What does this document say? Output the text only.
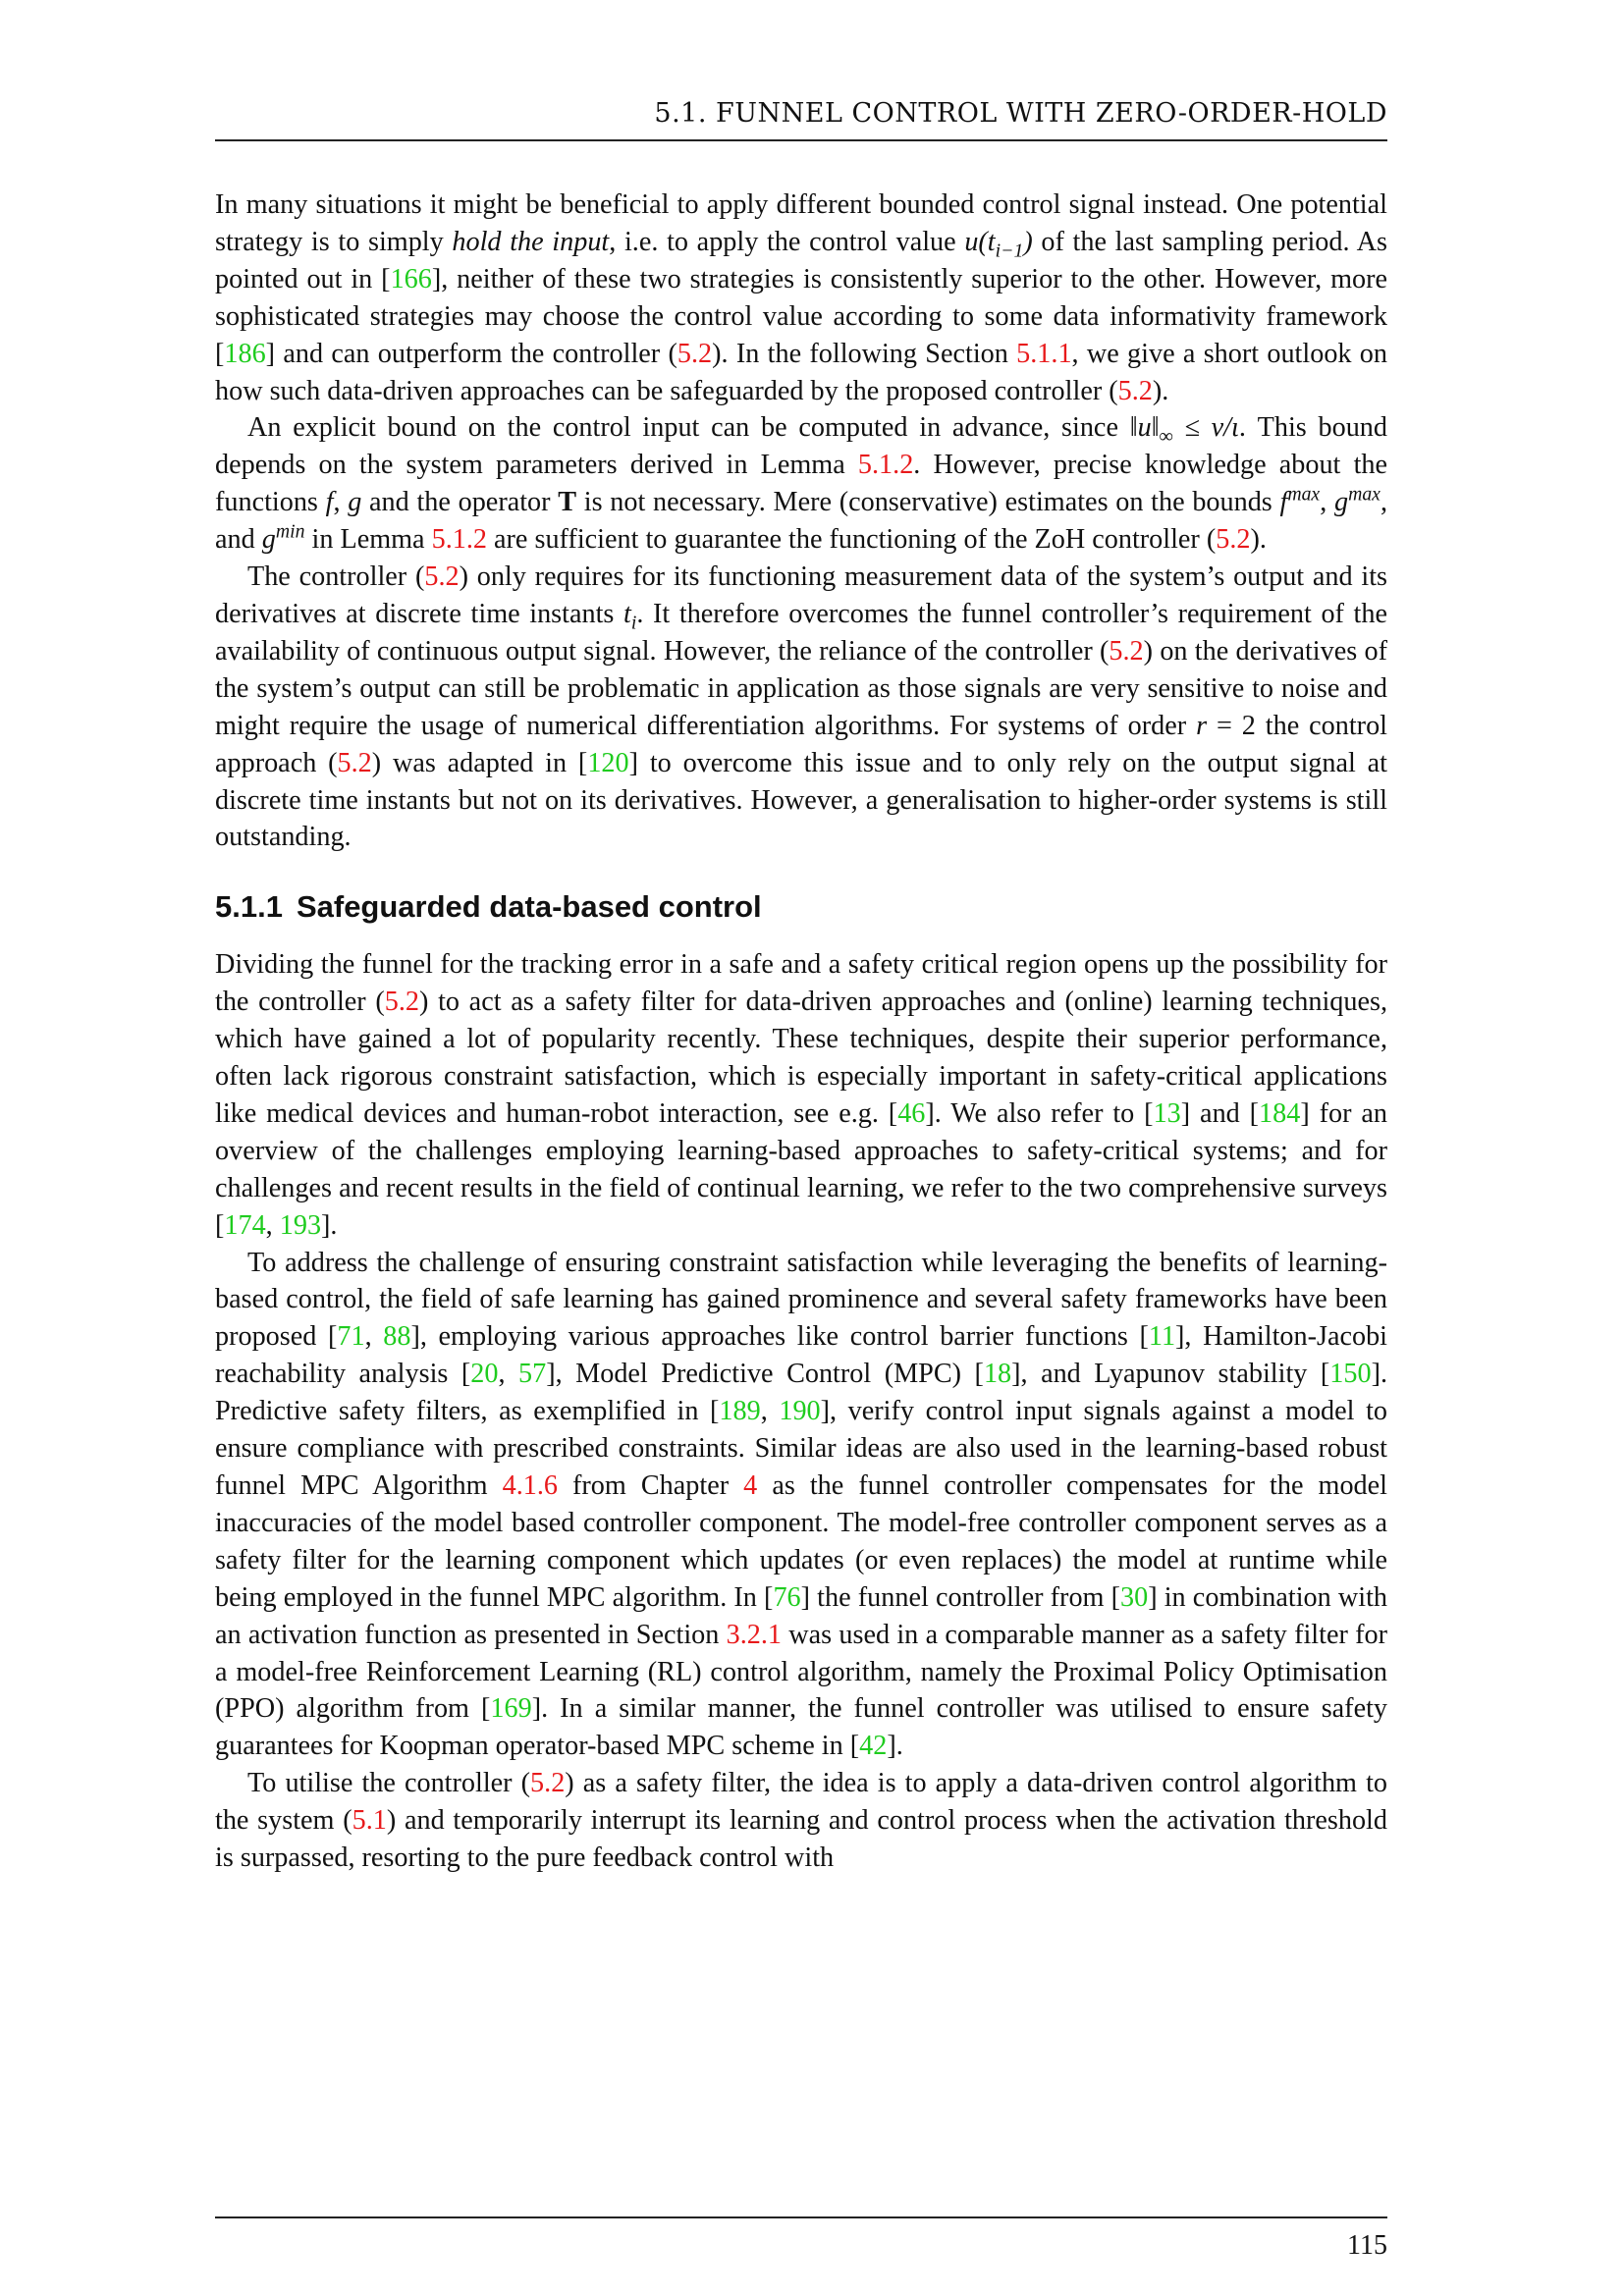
5.1. FUNNEL CONTROL WITH ZERO-ORDER-HOLD

In many situations it might be beneficial to apply different bounded control signal instead. One potential strategy is to simply hold the input, i.e. to apply the control value $u(t_{i-1})$ of the last sampling period. As pointed out in [166], neither of these two strategies is consistently superior to the other. However, more sophisticated strategies may choose the control value according to some data informativity framework [186] and can outperform the controller (5.2). In the following Section 5.1.1, we give a short outlook on how such data-driven approaches can be safeguarded by the proposed controller (5.2).

An explicit bound on the control input can be computed in advance, since $‖u‖_\infty \le \nu/\iota$. This bound depends on the system parameters derived in Lemma 5.1.2. However, precise knowledge about the functions f, g and the operator T is not necessary. Mere (conservative) estimates on the bounds $f^{max}$, $g^{max}$, and $g^{min}$ in Lemma 5.1.2 are sufficient to guarantee the functioning of the ZoH controller (5.2).

The controller (5.2) only requires for its functioning measurement data of the system’s output and its derivatives at discrete time instants $t_i$. It therefore overcomes the funnel controller’s requirement of the availability of continuous output signal. However, the reliance of the controller (5.2) on the derivatives of the system’s output can still be problematic in application as those signals are very sensitive to noise and might require the usage of numerical differentiation algorithms. For systems of order r = 2 the control approach (5.2) was adapted in [120] to overcome this issue and to only rely on the output signal at discrete time instants but not on its derivatives. However, a generalisation to higher-order systems is still outstanding.

5.1.1 Safeguarded data-based control

Dividing the funnel for the tracking error in a safe and a safety critical region opens up the possibility for the controller (5.2) to act as a safety filter for data-driven approaches and (online) learning techniques, which have gained a lot of popularity recently. These techniques, despite their superior performance, often lack rigorous constraint satisfaction, which is especially important in safety-critical applications like medical devices and human-robot interaction, see e.g. [46]. We also refer to [13] and [184] for an overview of the challenges employing learning-based approaches to safety-critical systems; and for challenges and recent results in the field of continual learning, we refer to the two comprehensive surveys [174, 193].

To address the challenge of ensuring constraint satisfaction while leveraging the benefits of learning-based control, the field of safe learning has gained prominence and several safety frameworks have been proposed [71, 88], employing various approaches like control barrier functions [11], Hamilton-Jacobi reachability analysis [20, 57], Model Predictive Control (MPC) [18], and Lyapunov stability [150]. Predictive safety filters, as exemplified in [189, 190], verify control input signals against a model to ensure compliance with prescribed constraints. Similar ideas are also used in the learning-based robust funnel MPC Algorithm 4.1.6 from Chapter 4 as the funnel controller compensates for the model inaccuracies of the model based controller component. The model-free controller component serves as a safety filter for the learning component which updates (or even replaces) the model at runtime while being employed in the funnel MPC algorithm. In [76] the funnel controller from [30] in combination with an activation function as presented in Section 3.2.1 was used in a comparable manner as a safety filter for a model-free Reinforcement Learning (RL) control algorithm, namely the Proximal Policy Optimisation (PPO) algorithm from [169]. In a similar manner, the funnel controller was utilised to ensure safety guarantees for Koopman operator-based MPC scheme in [42].

To utilise the controller (5.2) as a safety filter, the idea is to apply a data-driven control algorithm to the system (5.1) and temporarily interrupt its learning and control process when the activation threshold is surpassed, resorting to the pure feedback control with

115
